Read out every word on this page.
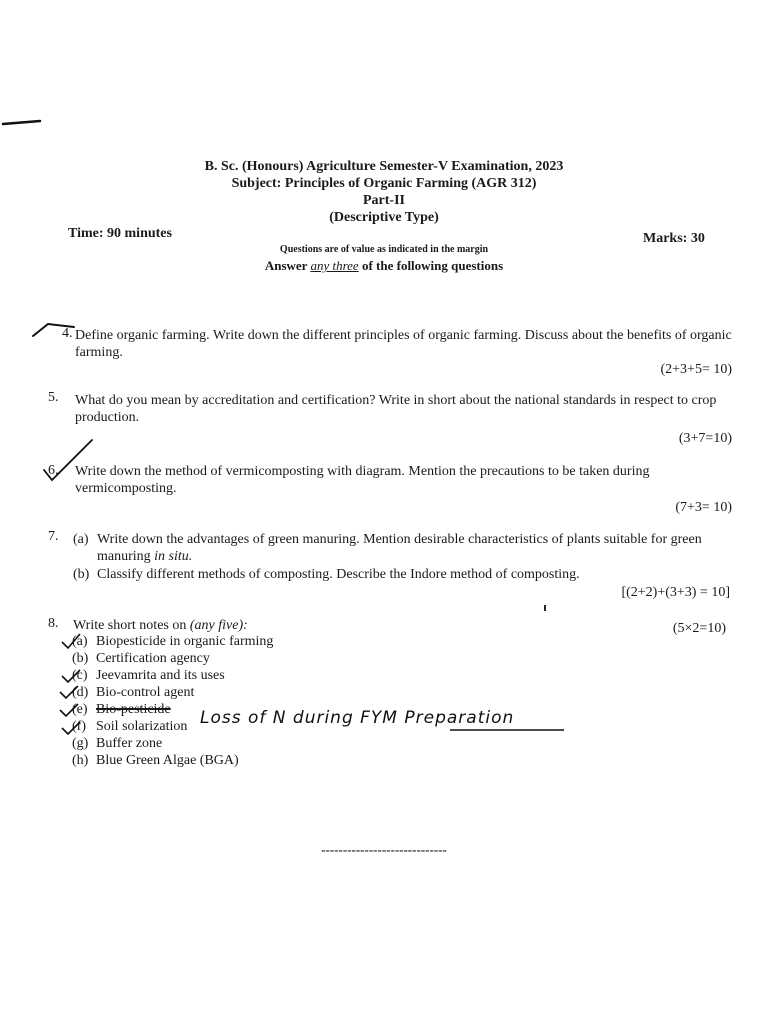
B. Sc. (Honours) Agriculture Semester-V Examination, 2023
Subject: Principles of Organic Farming (AGR 312)
Part-II
(Descriptive Type)
Time: 90 minutes	Marks: 30
Questions are of value as indicated in the margin
Answer any three of the following questions
4. Define organic farming. Write down the different principles of organic farming. Discuss about the benefits of organic farming.
(2+3+5= 10)
5. What do you mean by accreditation and certification? Write in short about the national standards in respect to crop production.
(3+7=10)
6. Write down the method of vermicomposting with diagram. Mention the precautions to be taken during vermicomposting.
(7+3= 10)
7. (a) Write down the advantages of green manuring. Mention desirable characteristics of plants suitable for green manuring in situ.
(b) Classify different methods of composting. Describe the Indore method of composting.
[(2+2)+(3+3) = 10]
8. Write short notes on (any five):	(5×2=10)
(a) Biopesticide in organic farming
(b) Certification agency
(c) Jeevamrita and its uses
(d) Bio-control agent
(e) Bio-pesticide
(f) Soil solarization
(g) Buffer zone
(h) Blue Green Algae (BGA)
Loss of N during FYM Preparation
-----------------------------
